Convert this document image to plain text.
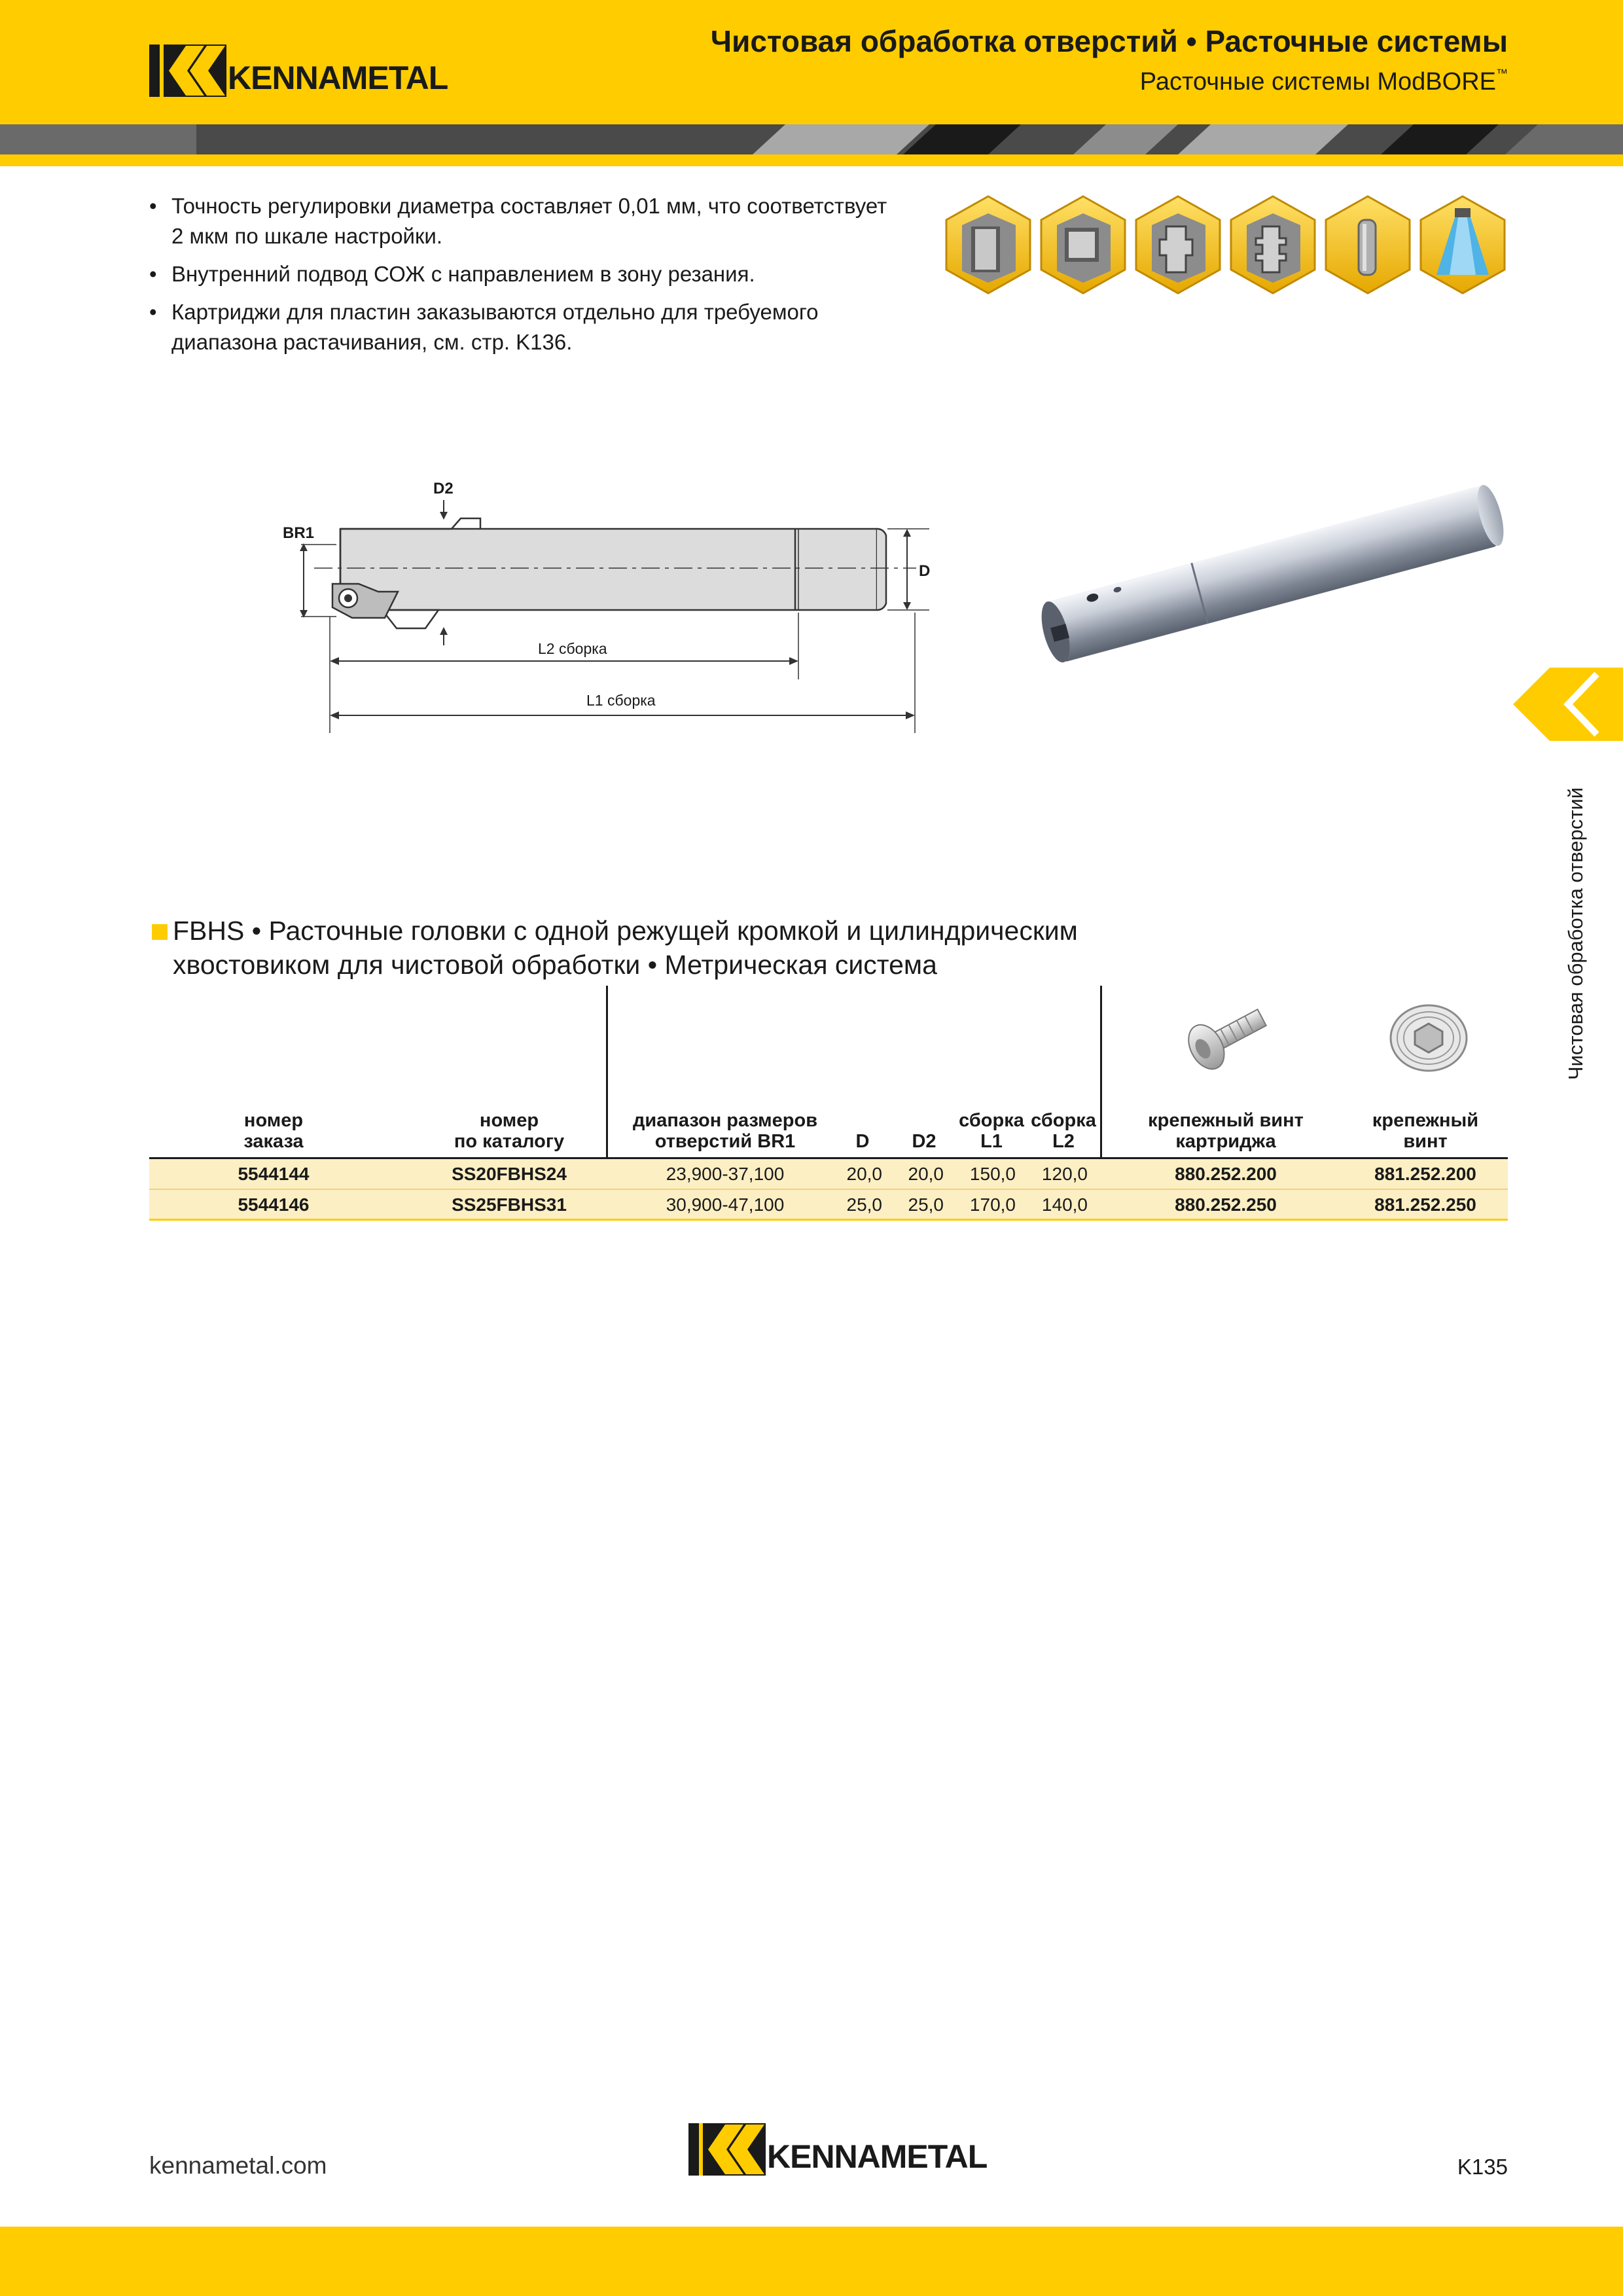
KENNAMETAL
Чистовая обработка отверстий • Расточные системы
Расточные системы ModBORE™
• Точность регулировки диаметра составляет 0,01 мм, что соответствует 2 мкм по шкале настройки.
• Внутренний подвод СОЖ с направлением в зону резания.
• Картриджи для пластин заказываются отдельно для требуемого диапазона растачивания, см. стр. K136.
D2
BR1
D
L2 сборка
L1 сборка
Чистовая обработка отверстий
FBHS • Расточные головки с одной режущей кромкой и цилиндрическим
хвостовиком для чистовой обработки • Метрическая система
номер
заказа
номер
по каталогу
диапазон размеров
отверстий BR1	D	D2
сборка
L1
сборка
L2
крепежный винт
картриджа
крепежный
винт
5544144	SS20FBHS24	23,900-37,100	20,0	20,0	150,0	120,0	880.252.200	881.252.200
5544146	SS25FBHS31	30,900-47,100	25,0	25,0	170,0	140,0	880.252.250	881.252.250
kennametal.com	KENNAMETAL	K135
